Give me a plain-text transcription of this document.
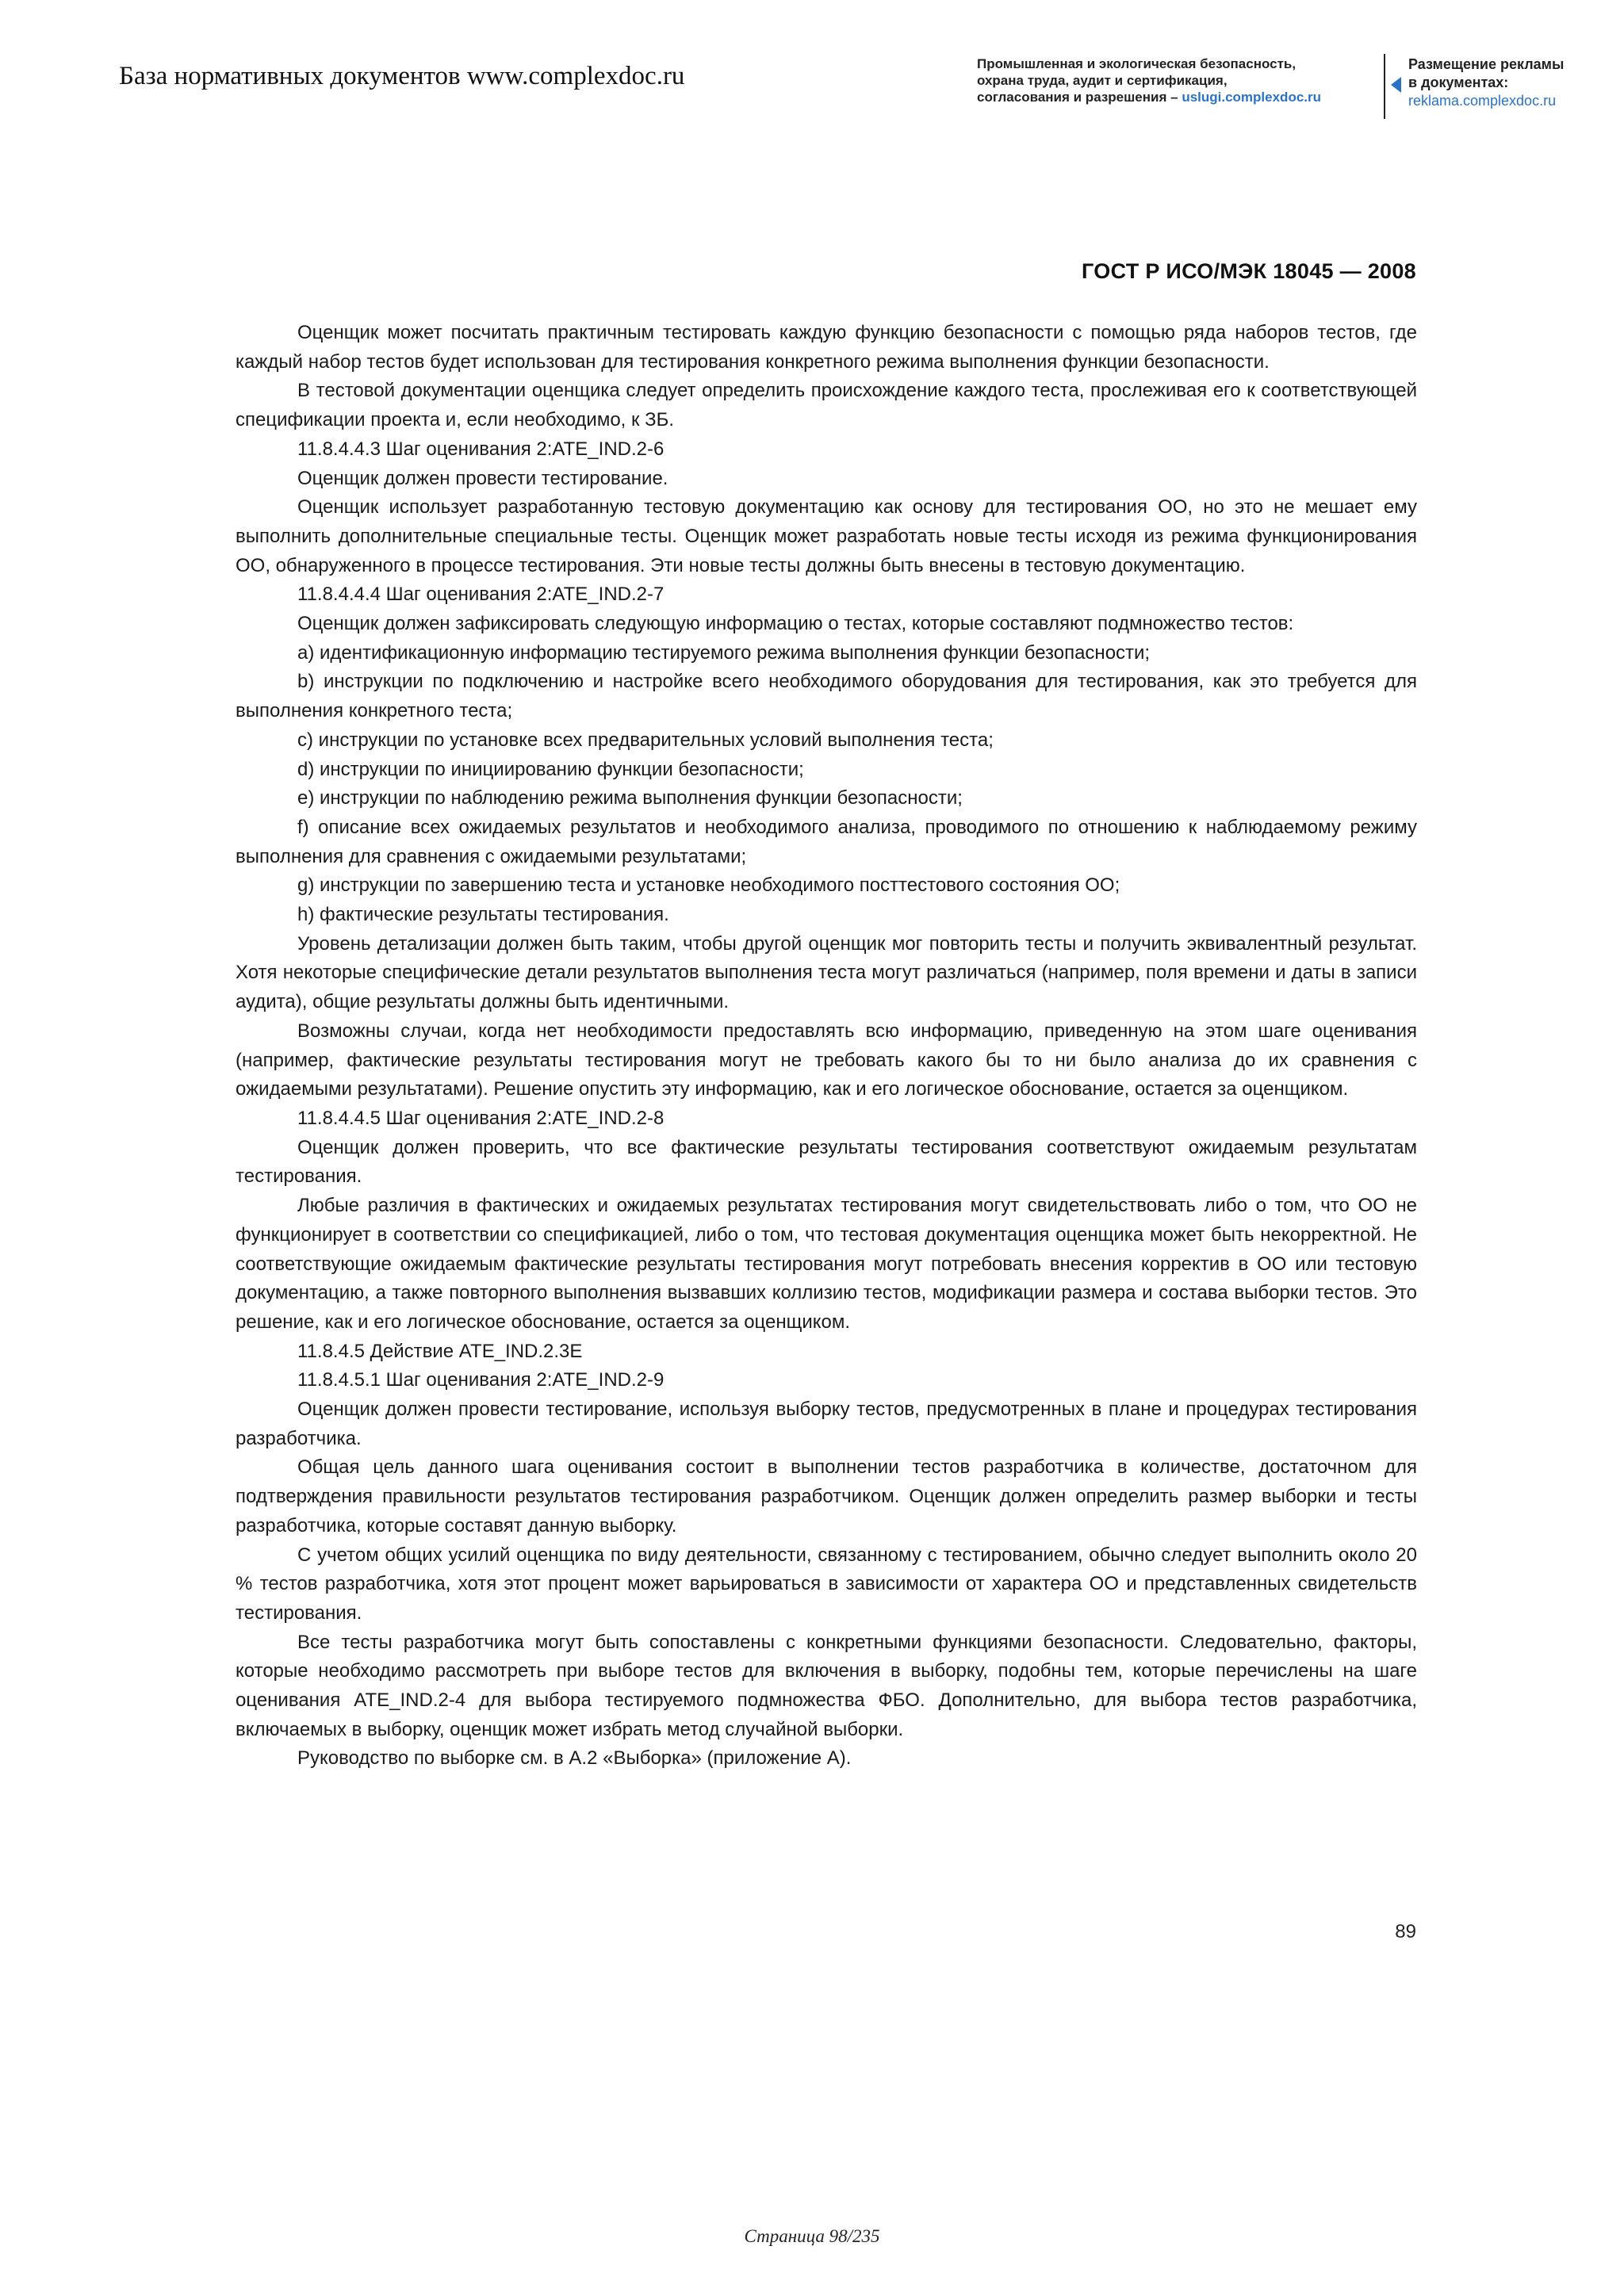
База нормативных документов www.complexdoc.ru	Промышленная и экологическая безопасность,
охрана труда, аудит и сертификация,
согласования и разрешения – uslugi.complexdoc.ru
Размещение рекламы
в документах:
reklama.complexdoc.ru
ГОСТ Р ИСО/МЭК 18045 — 2008

Оценщик может посчитать практичным тестировать каждую функцию безопасности с помощью ряда наборов тестов, где каждый набор тестов будет использован для тестирования конкретного режима выполнения функции безопасности.

В тестовой документации оценщика следует определить происхождение каждого теста, прослеживая его к соответствующей спецификации проекта и, если необходимо, к ЗБ.

11.8.4.4.3 Шаг оценивания 2:ATE_IND.2-6

Оценщик должен провести тестирование.

Оценщик использует разработанную тестовую документацию как основу для тестирования ОО, но это не мешает ему выполнить дополнительные специальные тесты. Оценщик может разработать новые тесты исходя из режима функционирования ОО, обнаруженного в процессе тестирования. Эти новые тесты должны быть внесены в тестовую документацию.

11.8.4.4.4 Шаг оценивания 2:ATE_IND.2-7

Оценщик должен зафиксировать следующую информацию о тестах, которые составляют подмножество тестов:

a) идентификационную информацию тестируемого режима выполнения функции безопасности;

b) инструкции по подключению и настройке всего необходимого оборудования для тестирования, как это требуется для выполнения конкретного теста;

c) инструкции по установке всех предварительных условий выполнения теста;

d) инструкции по инициированию функции безопасности;

e) инструкции по наблюдению режима выполнения функции безопасности;

f) описание всех ожидаемых результатов и необходимого анализа, проводимого по отношению к наблюдаемому режиму выполнения для сравнения с ожидаемыми результатами;

g) инструкции по завершению теста и установке необходимого посттестового состояния ОО;

h) фактические результаты тестирования.

Уровень детализации должен быть таким, чтобы другой оценщик мог повторить тесты и получить эквивалентный результат. Хотя некоторые специфические детали результатов выполнения теста могут различаться (например, поля времени и даты в записи аудита), общие результаты должны быть идентичными.

Возможны случаи, когда нет необходимости предоставлять всю информацию, приведенную на этом шаге оценивания (например, фактические результаты тестирования могут не требовать какого бы то ни было анализа до их сравнения с ожидаемыми результатами). Решение опустить эту информацию, как и его логическое обоснование, остается за оценщиком.

11.8.4.4.5 Шаг оценивания 2:ATE_IND.2-8

Оценщик должен проверить, что все фактические результаты тестирования соответствуют ожидаемым результатам тестирования.

Любые различия в фактических и ожидаемых результатах тестирования могут свидетельствовать либо о том, что ОО не функционирует в соответствии со спецификацией, либо о том, что тестовая документация оценщика может быть некорректной. Не соответствующие ожидаемым фактические результаты тестирования могут потребовать внесения корректив в ОО или тестовую документацию, а также повторного выполнения вызвавших коллизию тестов, модификации размера и состава выборки тестов. Это решение, как и его логическое обоснование, остается за оценщиком.

11.8.4.5 Действие ATE_IND.2.3E

11.8.4.5.1 Шаг оценивания 2:ATE_IND.2-9

Оценщик должен провести тестирование, используя выборку тестов, предусмотренных в плане и процедурах тестирования разработчика.

Общая цель данного шага оценивания состоит в выполнении тестов разработчика в количестве, достаточном для подтверждения правильности результатов тестирования разработчиком. Оценщик должен определить размер выборки и тесты разработчика, которые составят данную выборку.

С учетом общих усилий оценщика по виду деятельности, связанному с тестированием, обычно следует выполнить около 20 % тестов разработчика, хотя этот процент может варьироваться в зависимости от характера ОО и представленных свидетельств тестирования.

Все тесты разработчика могут быть сопоставлены с конкретными функциями безопасности. Следовательно, факторы, которые необходимо рассмотреть при выборе тестов для включения в выборку, подобны тем, которые перечислены на шаге оценивания ATE_IND.2-4 для выбора тестируемого подмножества ФБО. Дополнительно, для выбора тестов разработчика, включаемых в выборку, оценщик может избрать метод случайной выборки.

Руководство по выборке см. в А.2 «Выборка» (приложение А).

89
Страница 98/235
